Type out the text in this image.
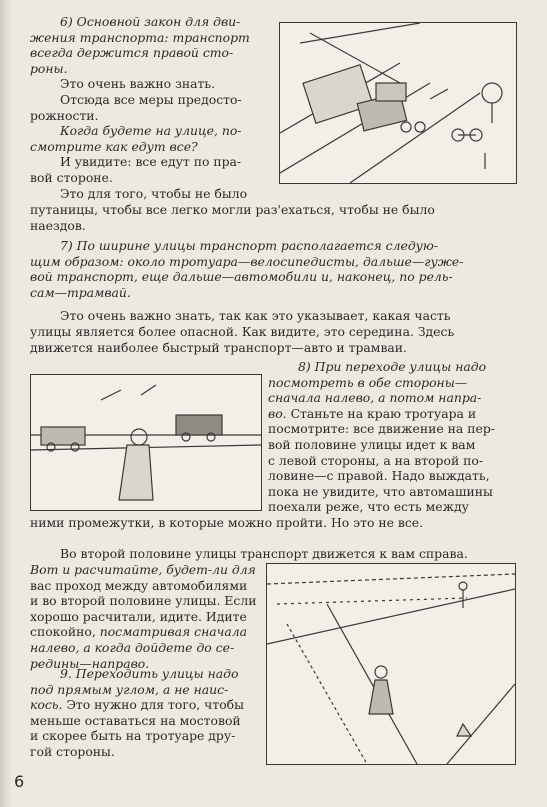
6) Основной закон для дви-

жения транспорта: транспорт

всегда держится правой сто-

роны.

Это очень важно знать.

Отсюда все меры предосто-

рожности.

Когда будете на улице, по-

смотрите как едут все?

И увидите: все едут по пра-

вой стороне.

Это для того, чтобы не было

путаницы, чтобы все легко могли раз'ехаться, чтобы не было

наездов.

7) По ширине улицы транспорт располагается следую-

щим образом: около тротуара—велосипедисты, дальше—гуже-

вой транспорт, еще дальше—автомобили и, наконец, по рель-

сам—трамвай.

Это очень важно знать, так как это указывает, какая часть

улицы является более опасной. Как видите, это середина. Здесь

движется наиболее быстрый транспорт—авто и трамваи.

8) При переходе улицы надо

посмотреть в обе стороны—

сначала налево, а потом напра-

во. Станьте на краю тротуара и

посмотрите: все движение на пер-

вой половине улицы идет к вам

с левой стороны, а на второй по-

ловине—с правой. Надо выждать,

пока не увидите, что автомашины

поехали реже, что есть между

ними промежутки, в которые можно пройти. Но это не все.

Во второй половине улицы транспорт движется к вам справа.

Вот и расчитайте, будет-ли для

вас проход между автомобилями

и во второй половине улицы. Если

хорошо расчитали, идите. Идите

спокойно, посматривая сначала

налево, а когда дойдете до се-

редины—направо.

9. Переходить улицы надо

под прямым углом, а не наис-

кось. Это нужно для того, чтобы

меньше оставаться на мостовой

и скорее быть на тротуаре дру-

гой стороны.

6
